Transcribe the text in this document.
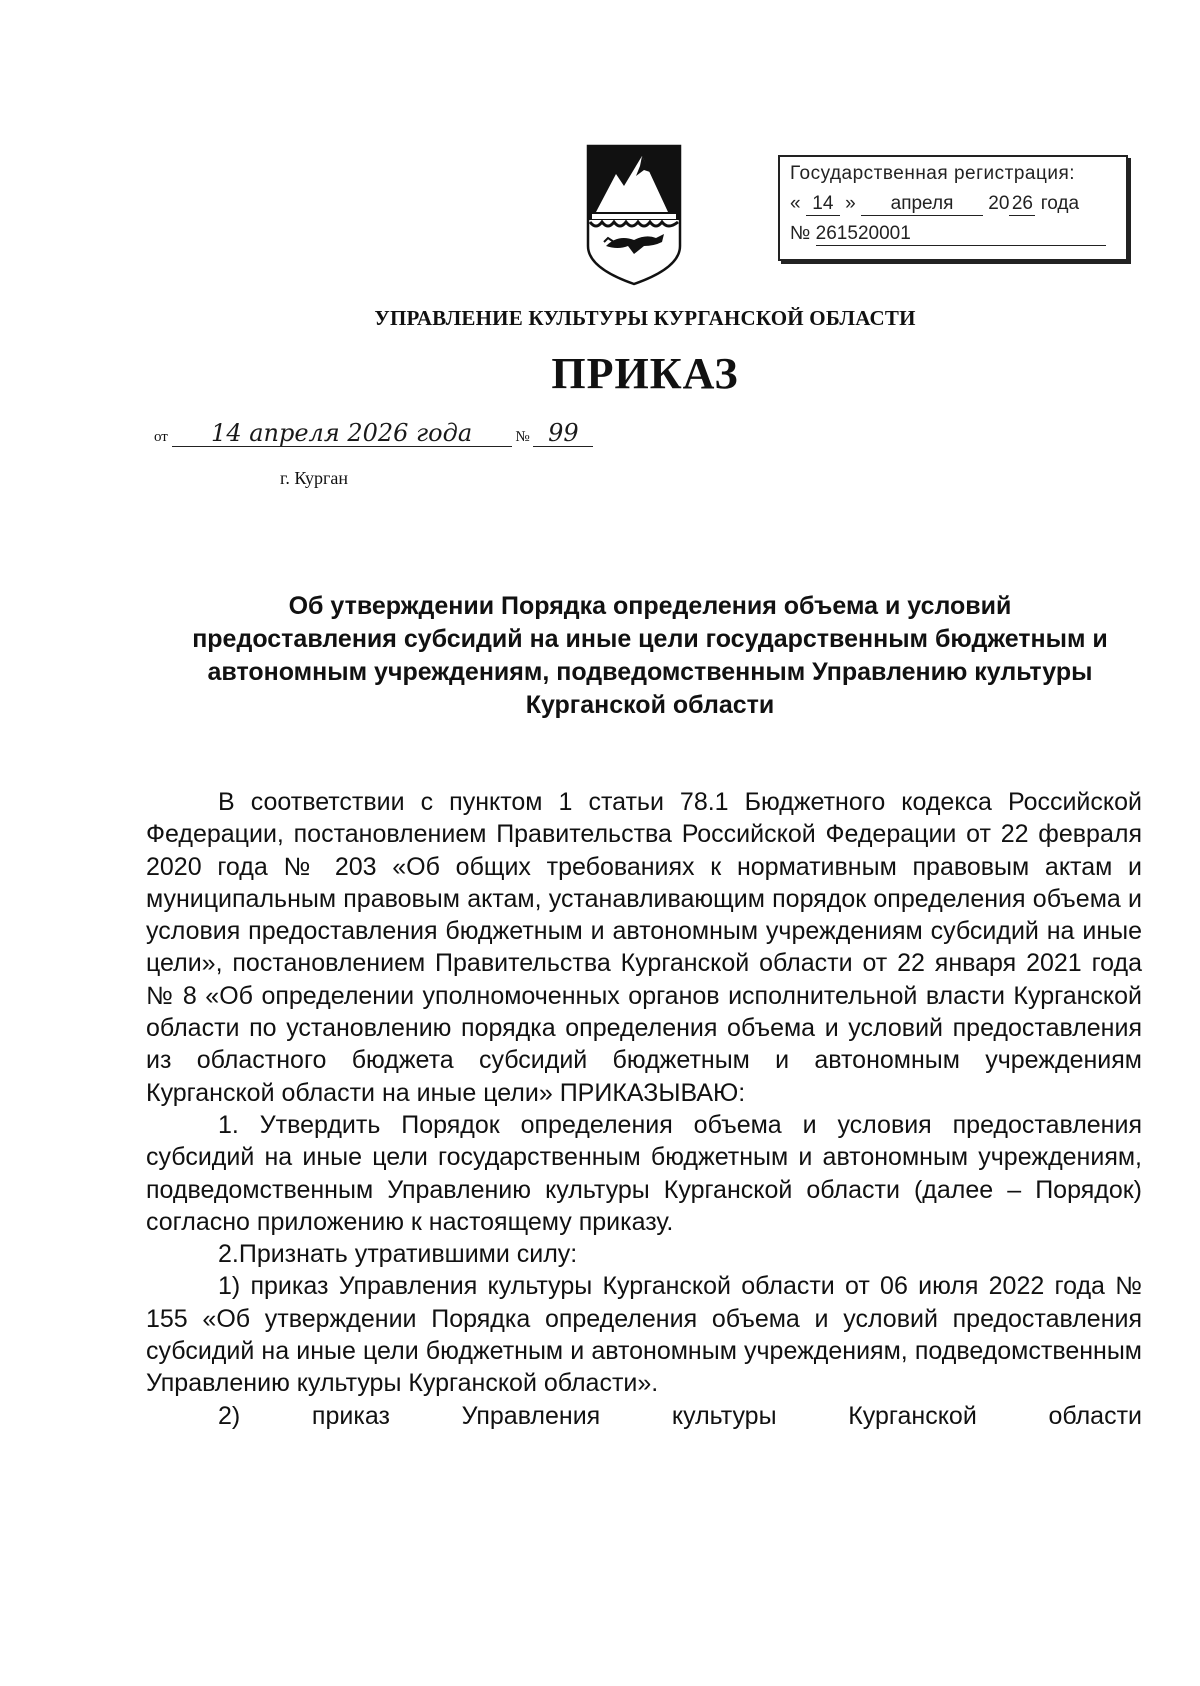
Государственная регистрация:
« 14 » апреля 20 26 года
№ 261520001
УПРАВЛЕНИЕ КУЛЬТУРЫ КУРГАНСКОЙ ОБЛАСТИ
ПРИКАЗ
от 14 апреля 2026 года	№ 99
г. Курган
Об утверждении Порядка определения объема и условий предоставления субсидий на иные цели государственным бюджетным и автономным учреждениям, подведомственным Управлению культуры Курганской области

В соответствии с пунктом 1 статьи 78.1 Бюджетного кодекса Российской Федерации, постановлением Правительства Российской Федерации от 22 февраля 2020 года № 203 «Об общих требованиях к нормативным правовым актам и муниципальным правовым актам, устанавливающим порядок определения объема и условия предоставления бюджетным и автономным учреждениям субсидий на иные цели», постановлением Правительства Курганской области от 22 января 2021 года № 8 «Об определении уполномоченных органов исполнительной власти Курганской области по установлению порядка определения объема и условий предоставления из областного бюджета субсидий бюджетным и автономным учреждениям Курганской области на иные цели» ПРИКАЗЫВАЮ:

1. Утвердить Порядок определения объема и условия предоставления субсидий на иные цели государственным бюджетным и автономным учреждениям, подведомственным Управлению культуры Курганской области (далее – Порядок) согласно приложению к настоящему приказу.

2.Признать утратившими силу:

1) приказ Управления культуры Курганской области от 06 июля 2022 года № 155 «Об утверждении Порядка определения объема и условий предоставления субсидий на иные цели бюджетным и автономным учреждениям, подведомственным Управлению культуры Курганской области».

2) приказ Управления культуры Курганской области
